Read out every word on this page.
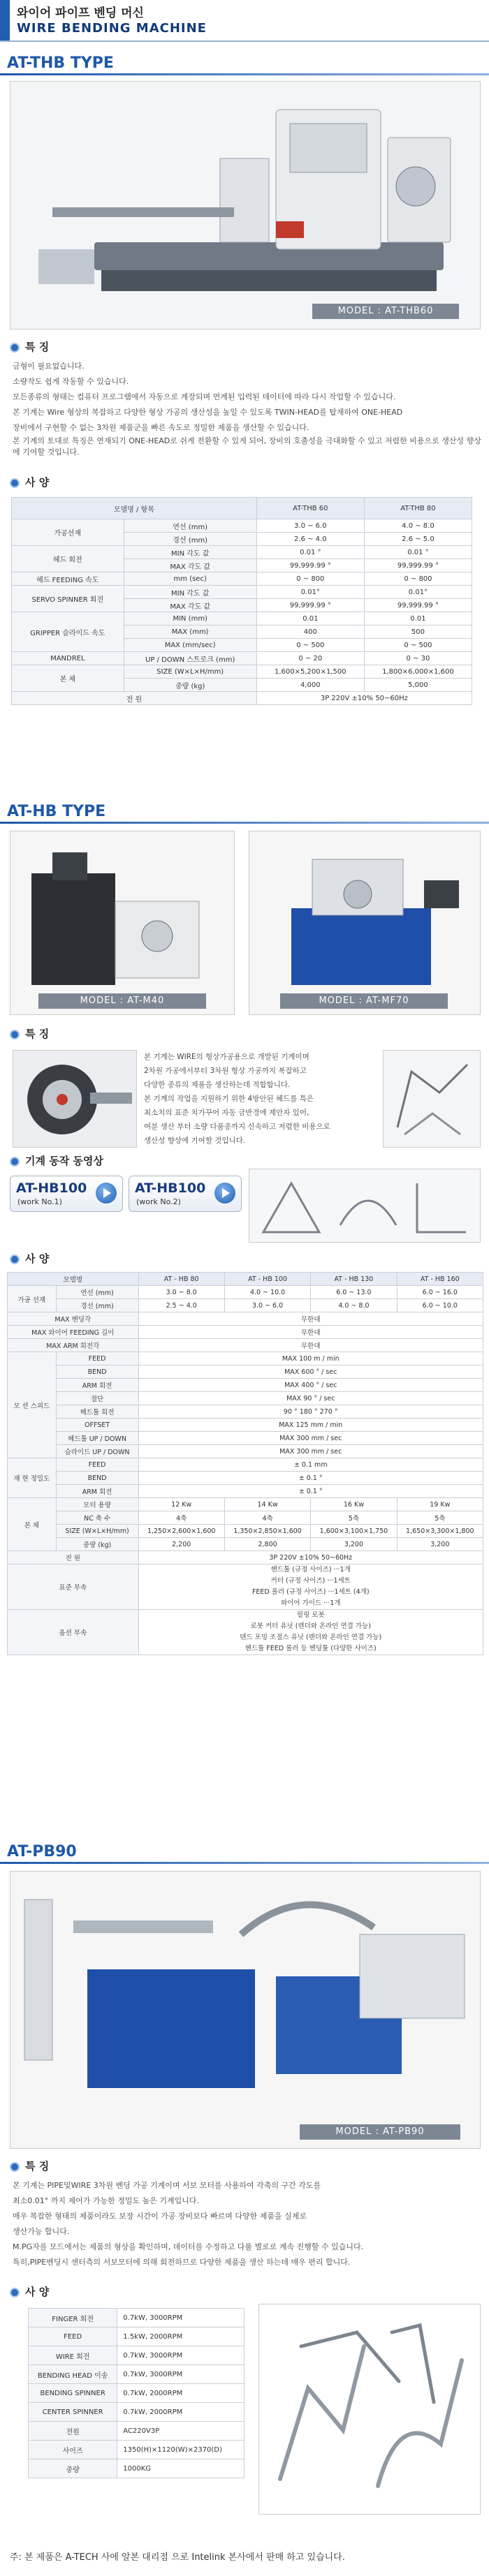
와이어 파이프 벤딩 머신
WIRE BENDING MACHINE
AT-THB TYPE
MODEL : AT-THB60
특 징
금형이 필요없습니다.
소량작도 쉽게 작동할 수 있습니다.
모든종류의 형태는 컴퓨터 프로그램에서 자동으로 계장되며 연계된 입력된 데이터에 따라 다시 작업할 수 있습니다.
본 기계는 Wire 형상의 복잡하고 다양한 형상 가공의 생산성을 높일 수 있도록 TWIN-HEAD를 탑재하여 ONE-HEAD
장비에서 구현할 수 없는 3차원 제품군을 빠른 속도로 정밀한 제품을 생산할 수 있습니다.
본 기계의 토대로 특징은 연재되기 ONE-HEAD로 쉬게 전환할 수 있게 되어, 장비의 호출성을 극대화할 수 있고 저렴한 비용으로 생산성 향상에 기여할 것입니다.
사 양
모델명 / 항목		AT-THB 60	AT-THB 80
가공선재	연선 (mm)	3.0 ~ 6.0	4.0 ~ 8.0
	경선 (mm)	2.6 ~ 4.0	2.6 ~ 5.0
헤드 회전	MIN 각도 값	0.01 °	0.01 °
	MAX 각도 값	99,999.99 °	99,999.99 °
헤드 FEEDING 속도	mm (sec)	0 ~ 800	0 ~ 800
SERVO SPINNER 회전	MIN 각도 값	0.01°	0.01°
	MAX 각도 값	99,999.99 °	99,999.99 °
GRIPPER 슬라이드 속도	MIN (mm)	0.01	0.01
	MAX (mm)	400	500
	MAX (mm/sec)	0 ~ 500	0 ~ 500
MANDREL	UP / DOWN 스트로크 (mm)	0 ~ 20	0 ~ 30
본 체	SIZE (W×L×H/mm)	1,600×5,200×1,500	1,800×6,000×1,600
	중량 (kg)	4,000	5,000
전 원		3P 220V ±10% 50~60Hz	
AT-HB TYPE
MODEL : AT-M40	MODEL : AT-MF70
특 징
본 기계는 WIRE의 형상가공용으로 개발된 기계이며
2차원 가공에서부터 3차원 형상 가공까지 복잡하고
다양한 종류의 제품을 생산하는데 적합합니다.
본 기계의 작업을 지원하기 위한 4방안된 헤드를 특은
최소치의 표준 치가꾸어 자동 금반경에 제안자 있어,
여분 생산 부터 소량 다품종까지 신속하고 저렴한 비용으로
생산성 향상에 기여할 것입니다.
기계 동작 동영상
AT-HB100
(work No.1)
AT-HB100
(work No.2)
사 양
모델명		AT - HB 80	AT - HB 100	AT - HB 130	AT - HB 160
가공 선재	연선 (mm)	3.0 ~ 8.0	4.0 ~ 10.0	6.0 ~ 13.0	6.0 ~ 16.0
	경선 (mm)	2.5 ~ 4.0	3.0 ~ 6.0	4.0 ~ 8.0	6.0 ~ 10.0
MAX 벤딩각		무한대			
MAX 와이어 FEEDING 길이		무한대			
MAX ARM 회전각		무한대			
모 션 스피드	FEED	MAX 100 m / min			
	BEND	MAX 600 ° / sec			
	ARM 회전	MAX 400 ° / sec			
	절단	MAX 90 ° / sec			
	헤드툴 회전	90 ° 180 ° 270 °			
	OFFSET	MAX 125 mm / min			
	헤드툴 UP / DOWN	MAX 300 mm / sec			
	슬라이드 UP / DOWN	MAX 300 mm / sec			
재 현 정밀도	FEED	± 0.1 mm			
	BEND	± 0.1 °			
	ARM 회전	± 0.1 °			
본 체	모터 용량	12 Kw	14 Kw	16 Kw	19 Kw
	NC 축 수	4축	4축	5축	5축
	SIZE (W×L×H/mm)	1,250×2,600×1,600	1,350×2,850×1,600	1,600×3,100×1,750	1,650×3,300×1,800
	중량 (kg)	2,200	2,800	3,200	3,200
전 원		3P 220V ±10% 50~60Hz			
표준 부속		헨드툴 (규정 사이즈) ···1개
커터 (규정 사이즈) ···1세트
FEED 롤러 (규정 사이즈) ···1세트 (4개)
와이어 가이드 ···1개			

옵션 부속		릴링 로봇
로봇 커터 유닛 (렌더와 온라인 연결 가능)
텐드 포밍 조절스 유닛 (렌더와 온라인 연결 가능)
헨드툴 FEED 롤러 등 벤딩툴 (다양한 사이즈)			
AT-PB90
MODEL : AT-PB90
특 징
본 기계는 PIPE및WIRE 3차원 벤딩 가공 기계이며 서보 모터를 사용하여 각축의 구간 각도를
최소0.01° 까지 제어가 가능한 정밀도 높은 기계입니다.
매우 복잡한 형태의 제품이라도 보장 시간이 가공 장비보다 빠르며 다양한 제품을 실제로
생산가능 합니다.
M.PG자를 모드에서는 제품의 형상을 확인하며, 데이터를 수정하고 다룰 별로로 계속 진행할 수 있습니다.
특히,PIPE벤딩시 센터측의 서보모터에 의해 회전하므로 다양한 제품을 생산 하는데 매우 편리 합니다.
사 양
FINGER 회전	0.7kW, 3000RPM
FEED	1.5kW, 2000RPM
WIRE 회전	0.7kW, 3000RPM
BENDING HEAD 이송	0.7kW, 3000RPM
BENDING SPINNER	0.7kW, 2000RPM
CENTER SPINNER	0.7kW, 2000RPM
전원	AC220V3P
사이즈	1350(H)×1120(W)×2370(D)
중량	1000KG
주: 본 제품은 A-TECH 사에 알본 대리점 으로 Intelink 본사에서 판매 하고 있습니다.
